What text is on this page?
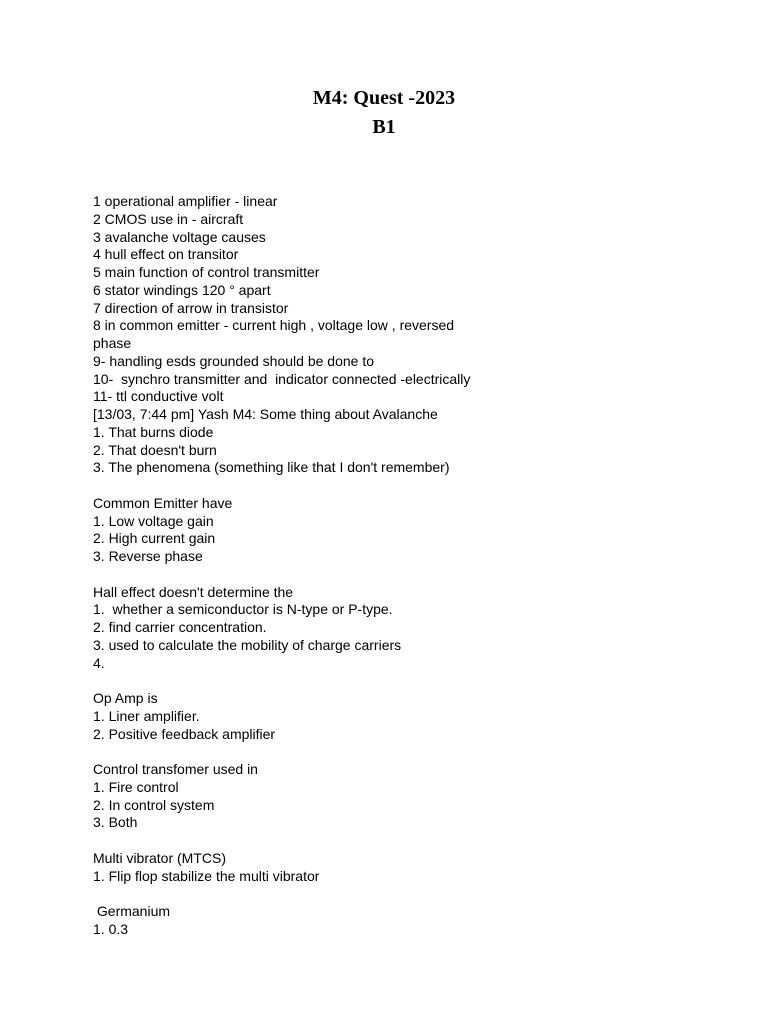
M4: Quest -2023
B1
1 operational amplifier - linear
2 CMOS use in - aircraft
3 avalanche voltage causes
4 hull effect on transitor
5 main function of control transmitter
6 stator windings 120 ° apart
7 direction of arrow in transistor
8 in common emitter - current high , voltage low , reversed
phase
9- handling esds grounded should be done to
10-  synchro transmitter and  indicator connected -electrically
11- ttl conductive volt
[13/03, 7:44 pm] Yash M4: Some thing about Avalanche
1. That burns diode
2. That doesn't burn
3. The phenomena (something like that I don't remember)
Common Emitter have
1. Low voltage gain
2. High current gain
3. Reverse phase
Hall effect doesn't determine the
1.  whether a semiconductor is N-type or P-type.
2. find carrier concentration.
3. used to calculate the mobility of charge carriers
4.
Op Amp is
1. Liner amplifier.
2. Positive feedback amplifier
Control transfomer used in
1. Fire control
2. In control system
3. Both
Multi vibrator (MTCS)
1. Flip flop stabilize the multi vibrator
Germanium
1. 0.3
